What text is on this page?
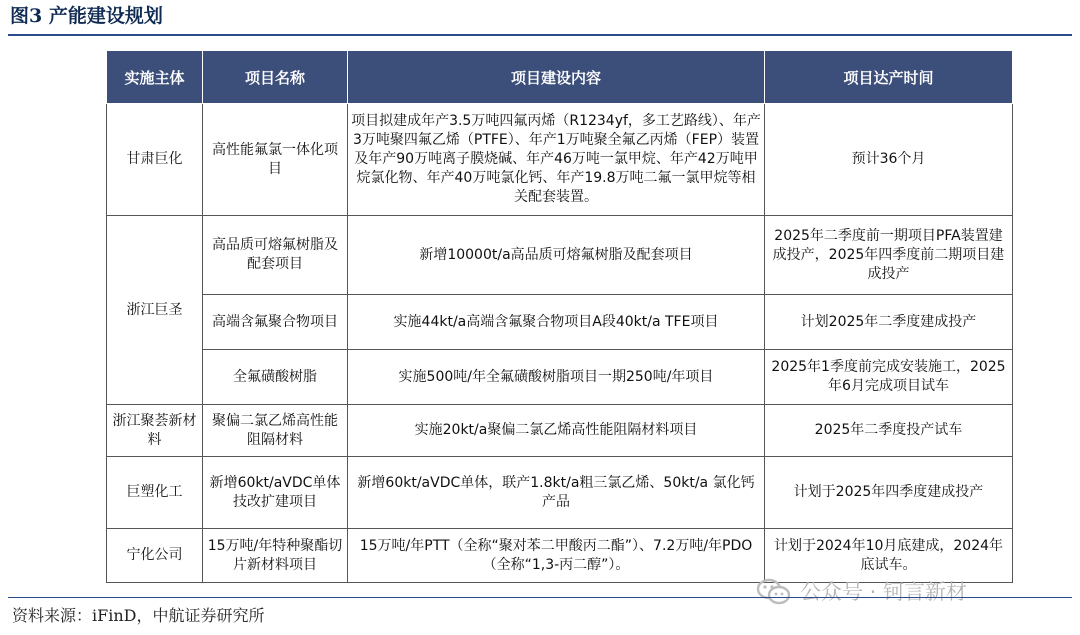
图3 产能建设规划
实施主体	项目名称	项目建设内容	项目达产时间
甘肃巨化	高性能氟氯一体化项目	项目拟建成年产3.5万吨四氟丙烯（R1234yf，多工艺路线）、年产3万吨聚四氟乙烯（PTFE）、年产1万吨聚全氟乙丙烯（FEP）装置及年产90万吨离子膜烧碱、年产46万吨一氯甲烷、年产42万吨甲烷氯化物、年产40万吨氯化钙、年产19.8万吨二氟一氯甲烷等相关配套装置。	预计36个月
浙江巨圣	高品质可熔氟树脂及配套项目	新增10000t/a高品质可熔氟树脂及配套项目	2025年二季度前一期项目PFA装置建成投产，2025年四季度前二期项目建成投产
	高端含氟聚合物项目	实施44kt/a高端含氟聚合物项目A段40kt/a TFE项目	计划2025年二季度建成投产
	全氟磺酸树脂	实施500吨/年全氟磺酸树脂项目一期250吨/年项目	2025年1季度前完成安装施工，2025年6月完成项目试车
浙江聚荟新材料	聚偏二氯乙烯高性能阻隔材料	实施20kt/a聚偏二氯乙烯高性能阻隔材料项目	2025年二季度投产试车
巨塑化工	新增60kt/aVDC单体技改扩建项目	新增60kt/aVDC单体，联产1.8kt/a粗三氯乙烯、50kt/a 氯化钙产品	计划于2025年四季度建成投产
宁化公司	15万吨/年特种聚酯切片新材料项目	15万吨/年PTT（全称“聚对苯二甲酸丙二酯”）、7.2万吨/年PDO（全称“1,3-丙二醇”）。	计划于2024年10月底建成，2024年底试车。
公众号 · 钶言新材
资料来源：iFinD，中航证券研究所
